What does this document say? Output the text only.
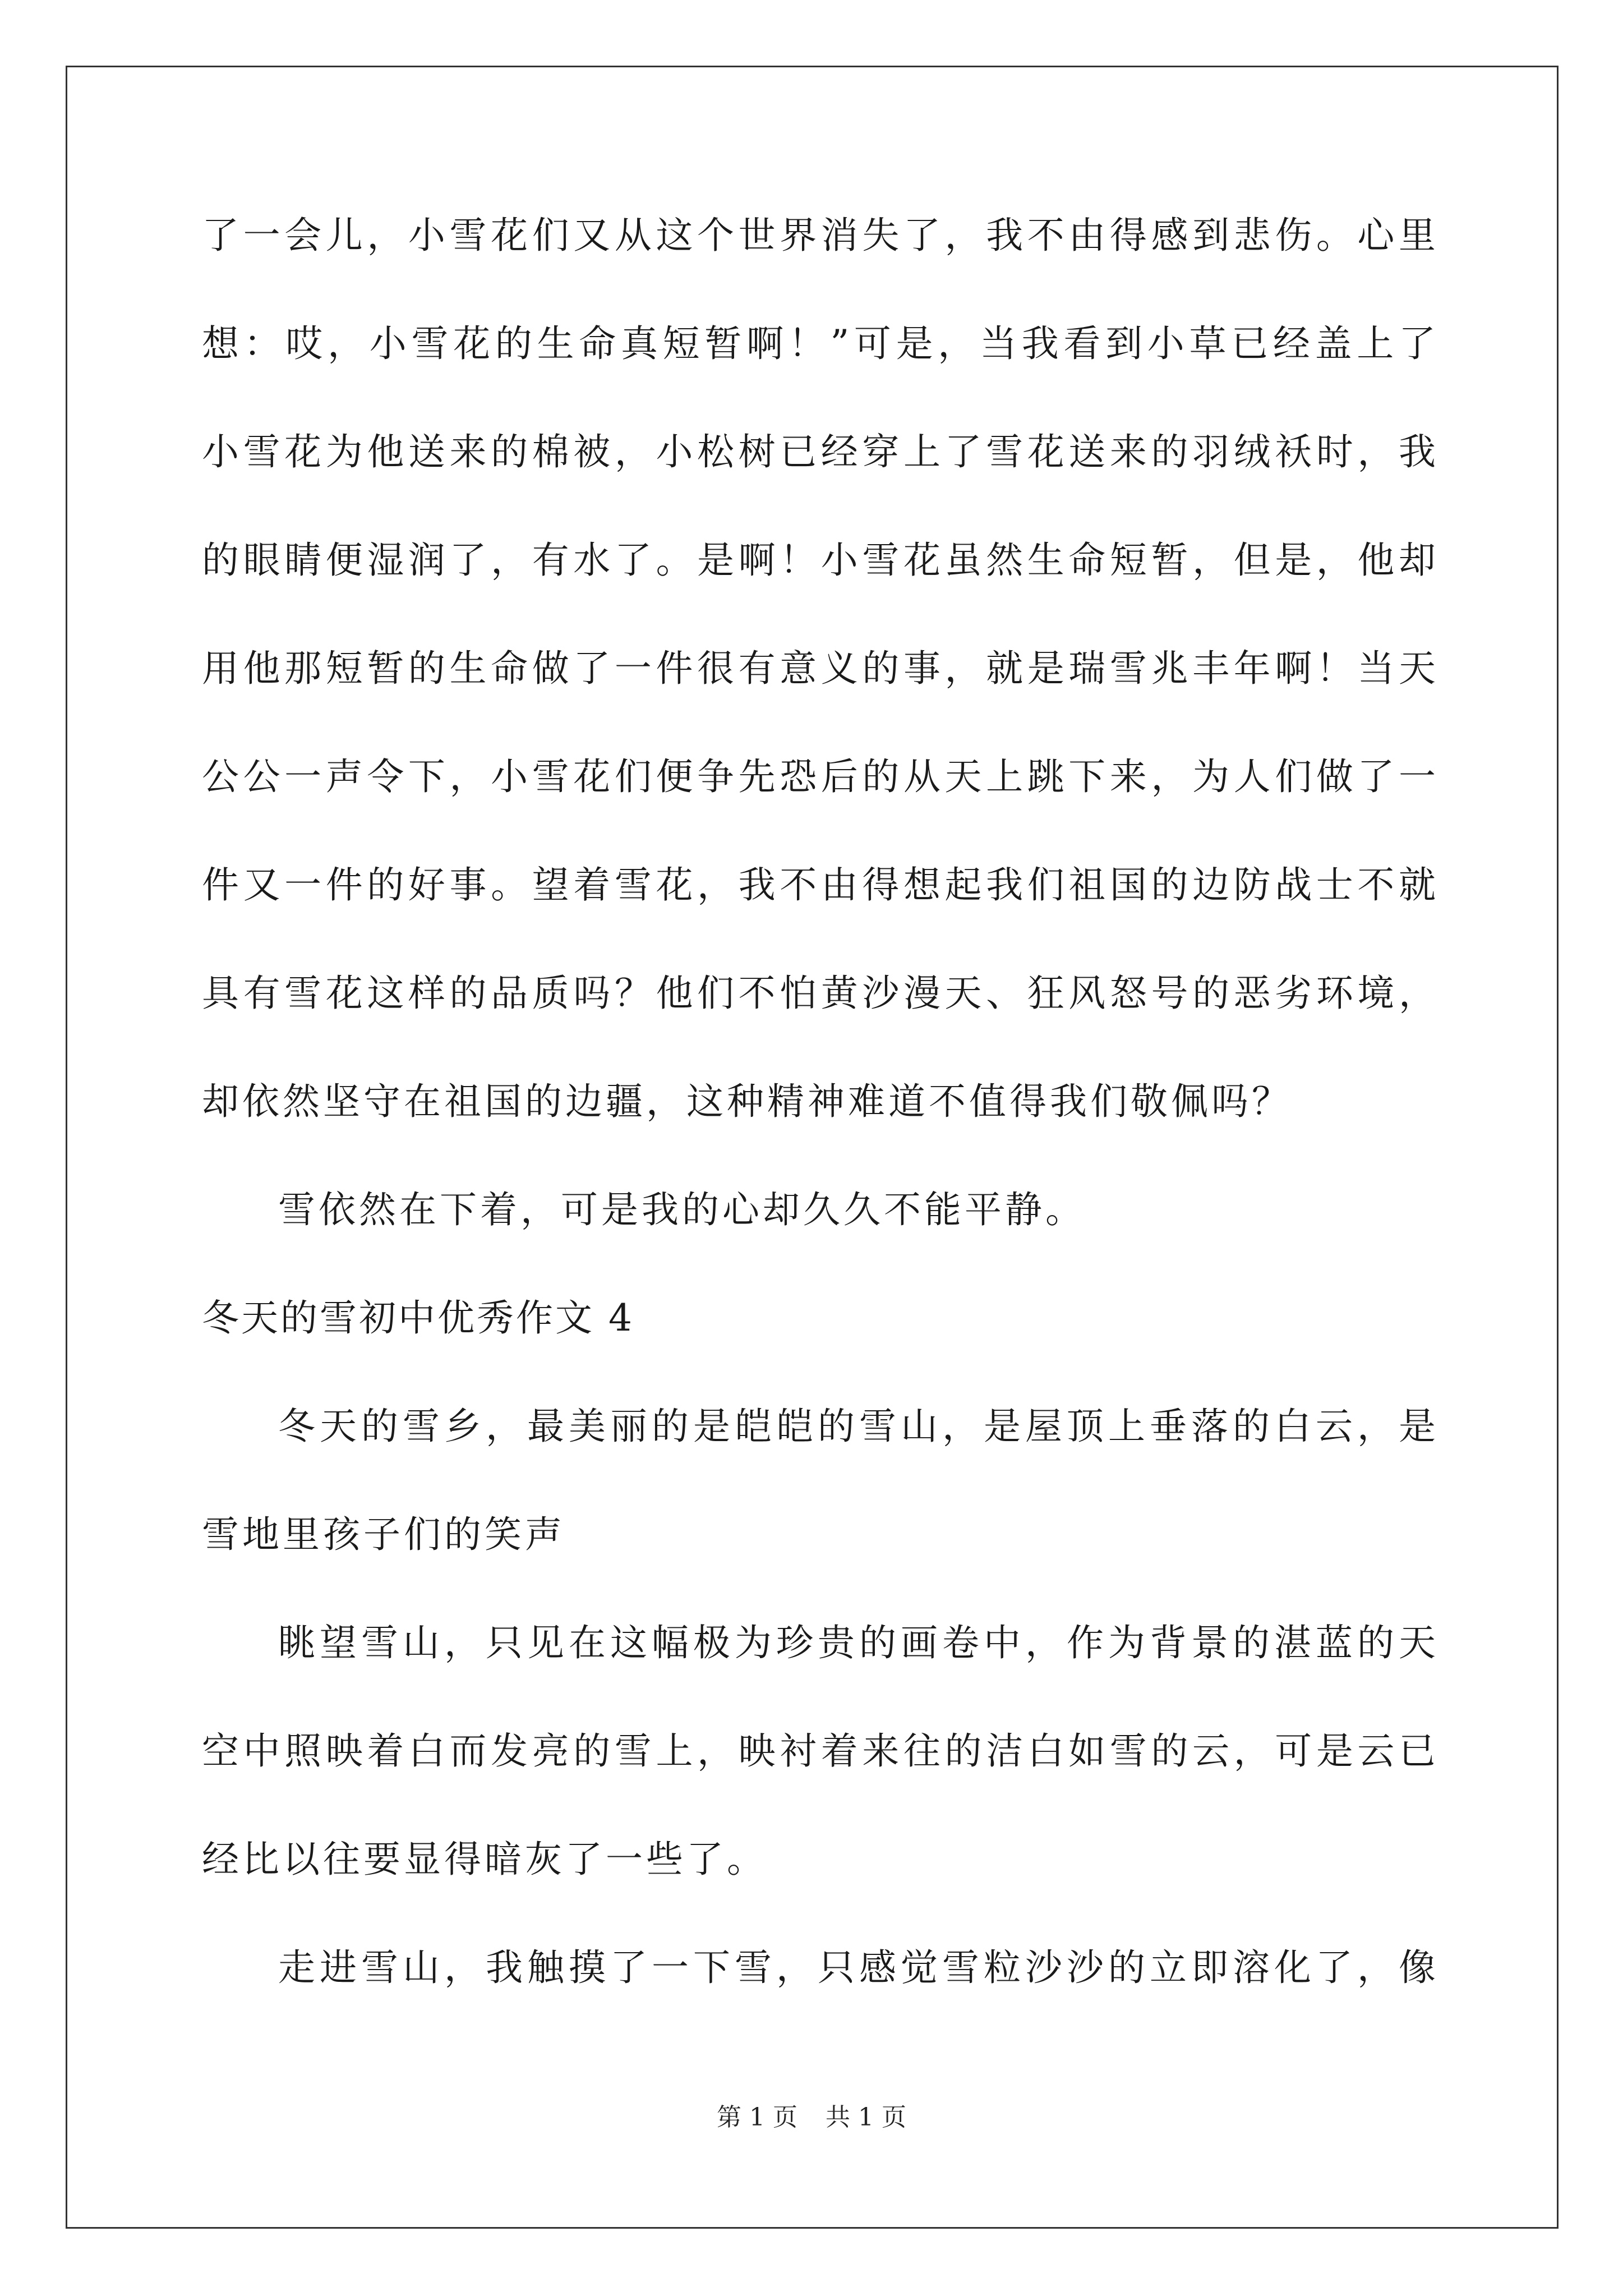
了一会儿，小雪花们又从这个世界消失了，我不由得感到悲伤。心里
想：哎，小雪花的生命真短暂啊！”可是，当我看到小草已经盖上了
小雪花为他送来的棉被，小松树已经穿上了雪花送来的羽绒袄时，我
的眼睛便湿润了，有水了。是啊！小雪花虽然生命短暂，但是，他却
用他那短暂的生命做了一件很有意义的事，就是瑞雪兆丰年啊！当天
公公一声令下，小雪花们便争先恐后的从天上跳下来，为人们做了一
件又一件的好事。望着雪花，我不由得想起我们祖国的边防战士不就
具有雪花这样的品质吗？他们不怕黄沙漫天、狂风怒号的恶劣环境，
却依然坚守在祖国的边疆，这种精神难道不值得我们敬佩吗？
雪依然在下着，可是我的心却久久不能平静。
冬天的雪初中优秀作文 4
冬天的雪乡，最美丽的是皑皑的雪山，是屋顶上垂落的白云，是
雪地里孩子们的笑声
眺望雪山，只见在这幅极为珍贵的画卷中，作为背景的湛蓝的天
空中照映着白而发亮的雪上，映衬着来往的洁白如雪的云，可是云已
经比以往要显得暗灰了一些了。
走进雪山，我触摸了一下雪，只感觉雪粒沙沙的立即溶化了，像
第 1 页 共 1 页
